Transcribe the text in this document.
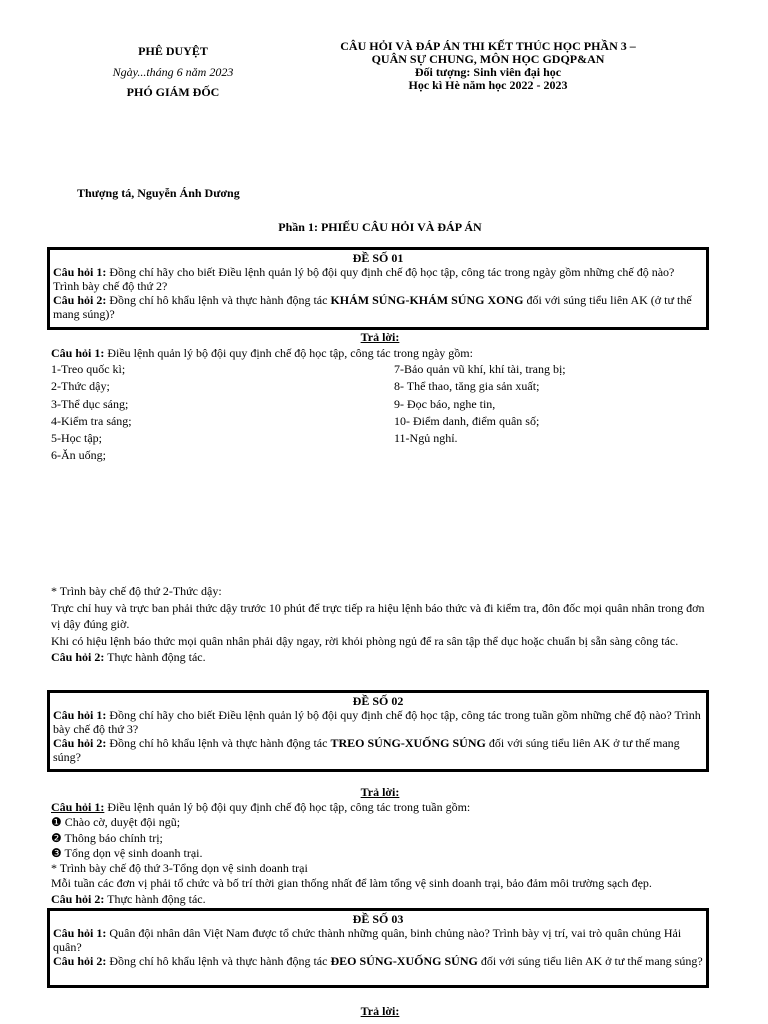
PHÊ DUYỆT
Ngày...tháng 6 năm 2023
PHÓ GIÁM ĐỐC
CÂU HỎI VÀ ĐÁP ÁN THI KẾT THÚC HỌC PHẦN 3 –
QUÂN SỰ CHUNG, MÔN HỌC GDQP&AN
Đối tượng: Sinh viên đại học
Học kì Hè năm học 2022 - 2023
Thượng tá, Nguyễn Ánh Dương
Phần 1: PHIẾU CÂU HỎI VÀ ĐÁP ÁN
ĐỀ SỐ 01
Câu hỏi 1: Đồng chí hãy cho biết Điều lệnh quản lý bộ đội quy định chế độ học tập, công tác trong ngày gồm những chế độ nào? Trình bày chế độ thứ 2?
Câu hỏi 2: Đồng chí hô khẩu lệnh và thực hành động tác KHÁM SÚNG-KHÁM SÚNG XONG đối với súng tiểu liên AK (ở tư thế mang súng)?
Trả lời:
Câu hỏi 1: Điều lệnh quản lý bộ đội quy định chế độ học tập, công tác trong ngày gồm:
1-Treo quốc kì;
2-Thức dậy;
3-Thể dục sáng;
4-Kiểm tra sáng;
5-Học tập;
6-Ăn uống;
7-Bảo quản vũ khí, khí tài, trang bị;
8- Thể thao, tăng gia sản xuất;
9- Đọc báo, nghe tin,
10- Điểm danh, điểm quân số;
11-Ngủ nghỉ.

* Trình bày chế độ thứ 2-Thức dậy:

Trực chỉ huy và trực ban phải thức dậy trước 10 phút để trực tiếp ra hiệu lệnh báo thức và đi kiểm tra, đôn đốc mọi quân nhân trong đơn vị dậy đúng giờ.

Khi có hiệu lệnh báo thức mọi quân nhân phải dậy ngay, rời khỏi phòng ngủ để ra sân tập thể dục hoặc chuẩn bị sẵn sàng công tác.

Câu hỏi 2: Thực hành động tác.

ĐỀ SỐ 02
Câu hỏi 1: Đồng chí hãy cho biết Điều lệnh quản lý bộ đội quy định chế độ học tập, công tác trong tuần gồm những chế độ nào? Trình bày chế độ thứ 3?
Câu hỏi 2: Đồng chí hô khẩu lệnh và thực hành động tác TREO SÚNG-XUỐNG SÚNG đối với súng tiểu liên AK ở tư thế mang súng?
Trả lời:
Câu hỏi 1: Điều lệnh quản lý bộ đội quy định chế độ học tập, công tác trong tuần gồm:
❶ Chào cờ, duyệt đội ngũ;
❷ Thông báo chính trị;
❸ Tổng dọn vệ sinh doanh trại.
* Trình bày chế độ thứ 3-Tổng dọn vệ sinh doanh trại
Mỗi tuần các đơn vị phải tổ chức và bố trí thời gian thống nhất để làm tổng vệ sinh doanh trại, bảo đảm môi trường sạch đẹp.
Câu hỏi 2: Thực hành động tác.
ĐỀ SỐ 03
Câu hỏi 1: Quân đội nhân dân Việt Nam được tổ chức thành những quân, binh chủng nào? Trình bày vị trí, vai trò quân chủng Hải quân?
Câu hỏi 2: Đồng chí hô khẩu lệnh và thực hành động tác ĐEO SÚNG-XUỐNG SÚNG đối với súng tiểu liên AK ở tư thế mang súng?
Trả lời:
